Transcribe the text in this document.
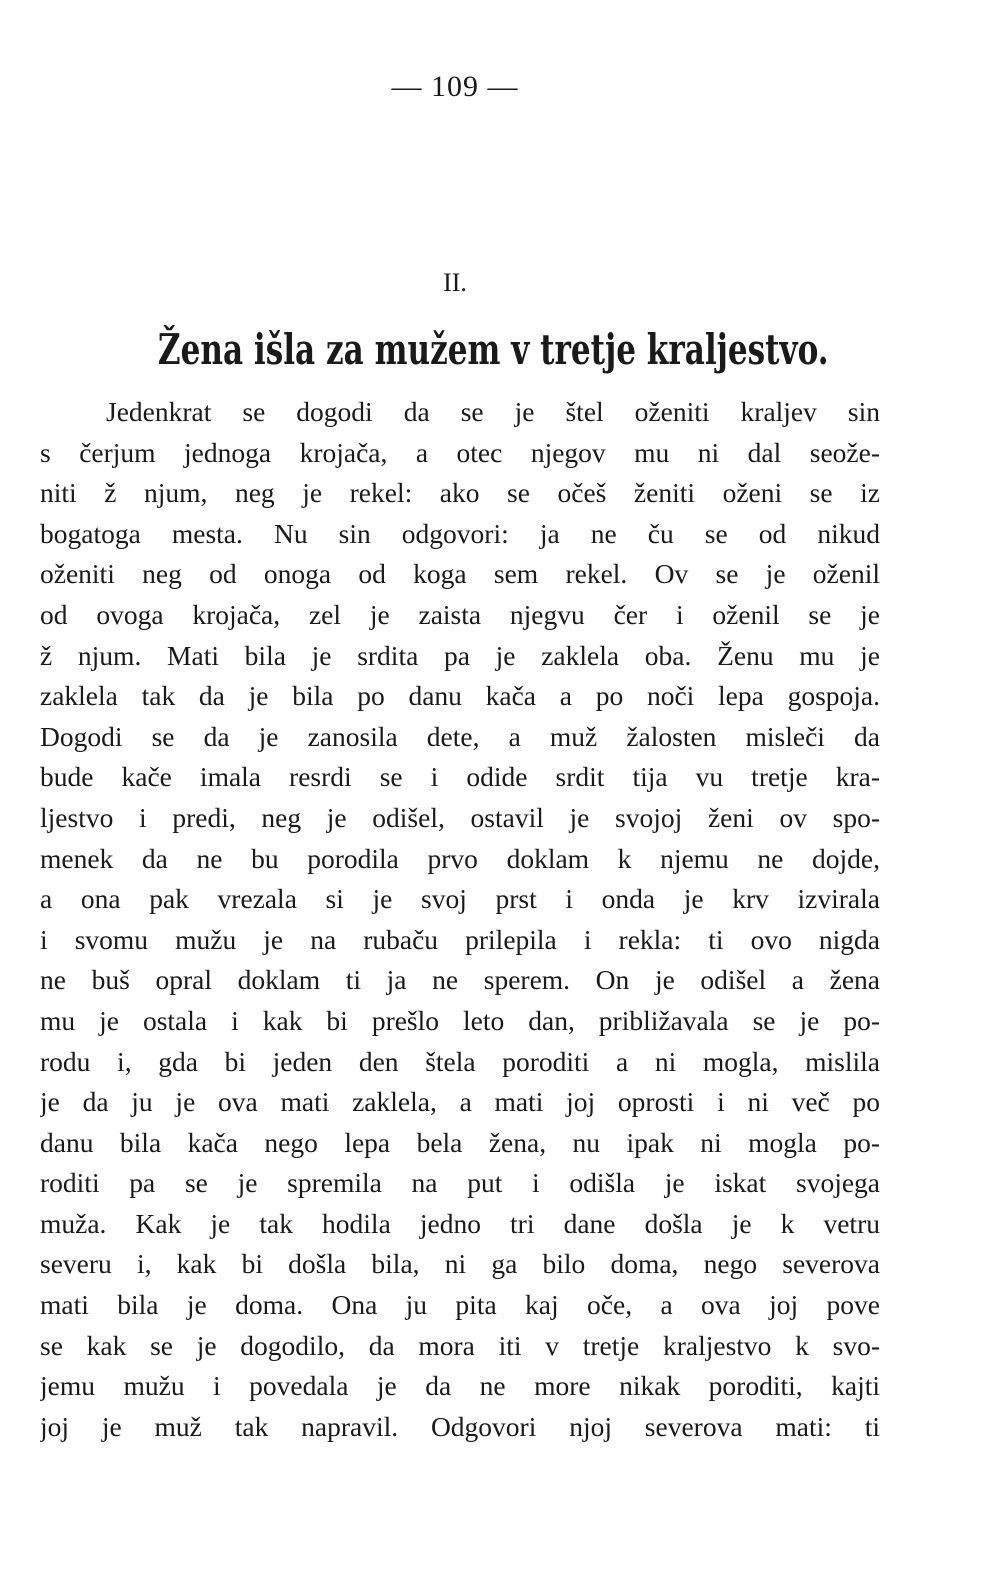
— 109 —
II.
Žena išla za mužem v tretje kraljestvo.
Jedenkrat se dogodi da se je štel oženiti kraljev sin
s čerjum jednoga krojača, a otec njegov mu ni dal seože-
niti ž njum, neg je rekel: ako se očeš ženiti oženi se iz
bogatoga mesta. Nu sin odgovori: ja ne ču se od nikud
oženiti neg od onoga od koga sem rekel. Ov se je oženil
od ovoga krojača, zel je zaista njegvu čer i oženil se je
ž njum. Mati bila je srdita pa je zaklela oba. Ženu mu je
zaklela tak da je bila po danu kača a po noči lepa gospoja.
Dogodi se da je zanosila dete, a muž žalosten misleči da
bude kače imala resrdi se i odide srdit tija vu tretje kra-
ljestvo i predi, neg je odišel, ostavil je svojoj ženi ov spo-
menek da ne bu porodila prvo doklam k njemu ne dojde,
a ona pak vrezala si je svoj prst i onda je krv izvirala
i svomu mužu je na rubaču prilepila i rekla: ti ovo nigda
ne buš opral doklam ti ja ne sperem. On je odišel a žena
mu je ostala i kak bi prešlo leto dan, približavala se je po-
rodu i, gda bi jeden den štela poroditi a ni mogla, mislila
je da ju je ova mati zaklela, a mati joj oprosti i ni več po
danu bila kača nego lepa bela žena, nu ipak ni mogla po-
roditi pa se je spremila na put i odišla je iskat svojega
muža. Kak je tak hodila jedno tri dane došla je k vetru
severu i, kak bi došla bila, ni ga bilo doma, nego severova
mati bila je doma. Ona ju pita kaj oče, a ova joj pove
se kak se je dogodilo, da mora iti v tretje kraljestvo k svo-
jemu mužu i povedala je da ne more nikak poroditi, kajti
joj je muž tak napravil. Odgovori njoj severova mati: ti
